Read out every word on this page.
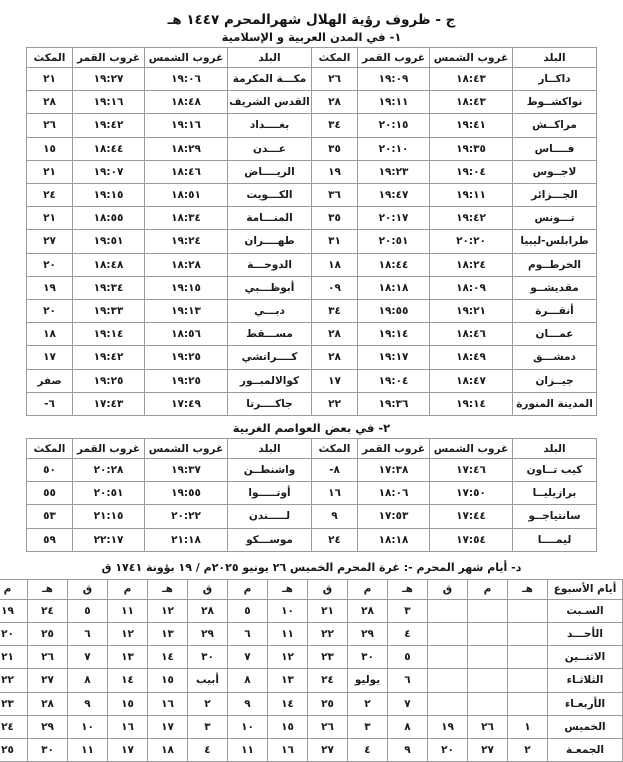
ج - ظروف رؤية الهلال شهرالمحرم ١٤٤٧ هـ
١- في المدن العربية و الإسلامية
البلد	غروب الشمس	غروب القمر	المكث	البلد	غروب الشمس	غروب القمر	المكث
داكــار	١٨:٤٣	١٩:٠٩	٢٦	مكـــة المكرمة	١٩:٠٦	١٩:٢٧	٢١
نواكشــوط	١٨:٤٣	١٩:١١	٢٨	القدس الشريف	١٨:٤٨	١٩:١٦	٢٨
مراكــش	١٩:٤١	٢٠:١٥	٣٤	بغــــداد	١٩:١٦	١٩:٤٢	٢٦
فــــاس	١٩:٣٥	٢٠:١٠	٣٥	عـــدن	١٨:٢٩	١٨:٤٤	١٥
لاجــوس	١٩:٠٤	١٩:٢٣	١٩	الريــــاض	١٨:٤٦	١٩:٠٧	٢١
الجـــزائر	١٩:١١	١٩:٤٧	٣٦	الكـــويت	١٨:٥١	١٩:١٥	٢٤
تـــونس	١٩:٤٢	٢٠:١٧	٣٥	المنـــامة	١٨:٣٤	١٨:٥٥	٢١
طرابلس-ليبيا	٢٠:٢٠	٢٠:٥١	٣١	طهــــران	١٩:٢٤	١٩:٥١	٢٧
الخرطــوم	١٨:٢٤	١٨:٤٤	١٨	الدوحـــة	١٨:٢٨	١٨:٤٨	٢٠
مقديشــو	١٨:٠٩	١٨:١٨	٠٩	أبوظـــبي	١٩:١٥	١٩:٣٤	١٩
أنقـــرة	١٩:٢١	١٩:٥٥	٣٤	دبـــي	١٩:١٣	١٩:٣٣	٢٠
عمـــان	١٨:٤٦	١٩:١٤	٢٨	مســـقط	١٨:٥٦	١٩:١٤	١٨
دمشـــق	١٨:٤٩	١٩:١٧	٢٨	كــــراتشي	١٩:٢٥	١٩:٤٢	١٧
جيــزان	١٨:٤٧	١٩:٠٤	١٧	كوالالمبــور	١٩:٢٥	١٩:٢٥	صفر
المدينة المنورة	١٩:١٤	١٩:٣٦	٢٢	جاكــــرتا	١٧:٤٩	١٧:٤٣	٦-
٢- في بعض العواصم الغربية
البلد	غروب الشمس	غروب القمر	المكث	البلد	غروب الشمس	غروب القمر	المكث
كيب تــاون	١٧:٤٦	١٧:٣٨	٨-	واشنطــن	١٩:٣٧	٢٠:٢٨	٥٠
برازيليــا	١٧:٥٠	١٨:٠٦	١٦	أوتـــــوا	١٩:٥٥	٢٠:٥١	٥٥
سانتياجــو	١٧:٤٤	١٧:٥٣	٩	لـــــندن	٢٠:٢٢	٢١:١٥	٥٣
ليمــــا	١٧:٥٤	١٨:١٨	٢٤	موســـكو	٢١:١٨	٢٢:١٧	٥٩
د- أيام شهر المحرم -: غرة المحرم الخميس ٢٦ يونيو ٢٠٢٥م / ١٩ بؤونة ١٧٤١ ق
أيام الأسبوع	هـ	م	ق	هـ	م	ق	هـ	م	ق	هـ	م	ق	هـ	م	
السـبت				٣	٢٨	٢١	١٠	٥	٢٨	١٢	١١	٥	٢٤	١٩	
الأحـــد				٤	٢٩	٢٢	١١	٦	٢٩	١٣	١٢	٦	٢٥	٢٠	
الاثنــين				٥	٣٠	٢٣	١٢	٧	٣٠	١٤	١٣	٧	٢٦	٢١	
الثلاثـاء				٦	يوليو	٢٤	١٣	٨	أبيب	١٥	١٤	٨	٢٧	٢٢	
الأربعـاء				٧	٢	٢٥	١٤	٩	٢	١٦	١٥	٩	٢٨	٢٣	
الخميس	١	٢٦	١٩	٨	٣	٢٦	١٥	١٠	٣	١٧	١٦	١٠	٢٩	٢٤	
الجمعـة	٢	٢٧	٢٠	٩	٤	٢٧	١٦	١١	٤	١٨	١٧	١١	٣٠	٢٥	
